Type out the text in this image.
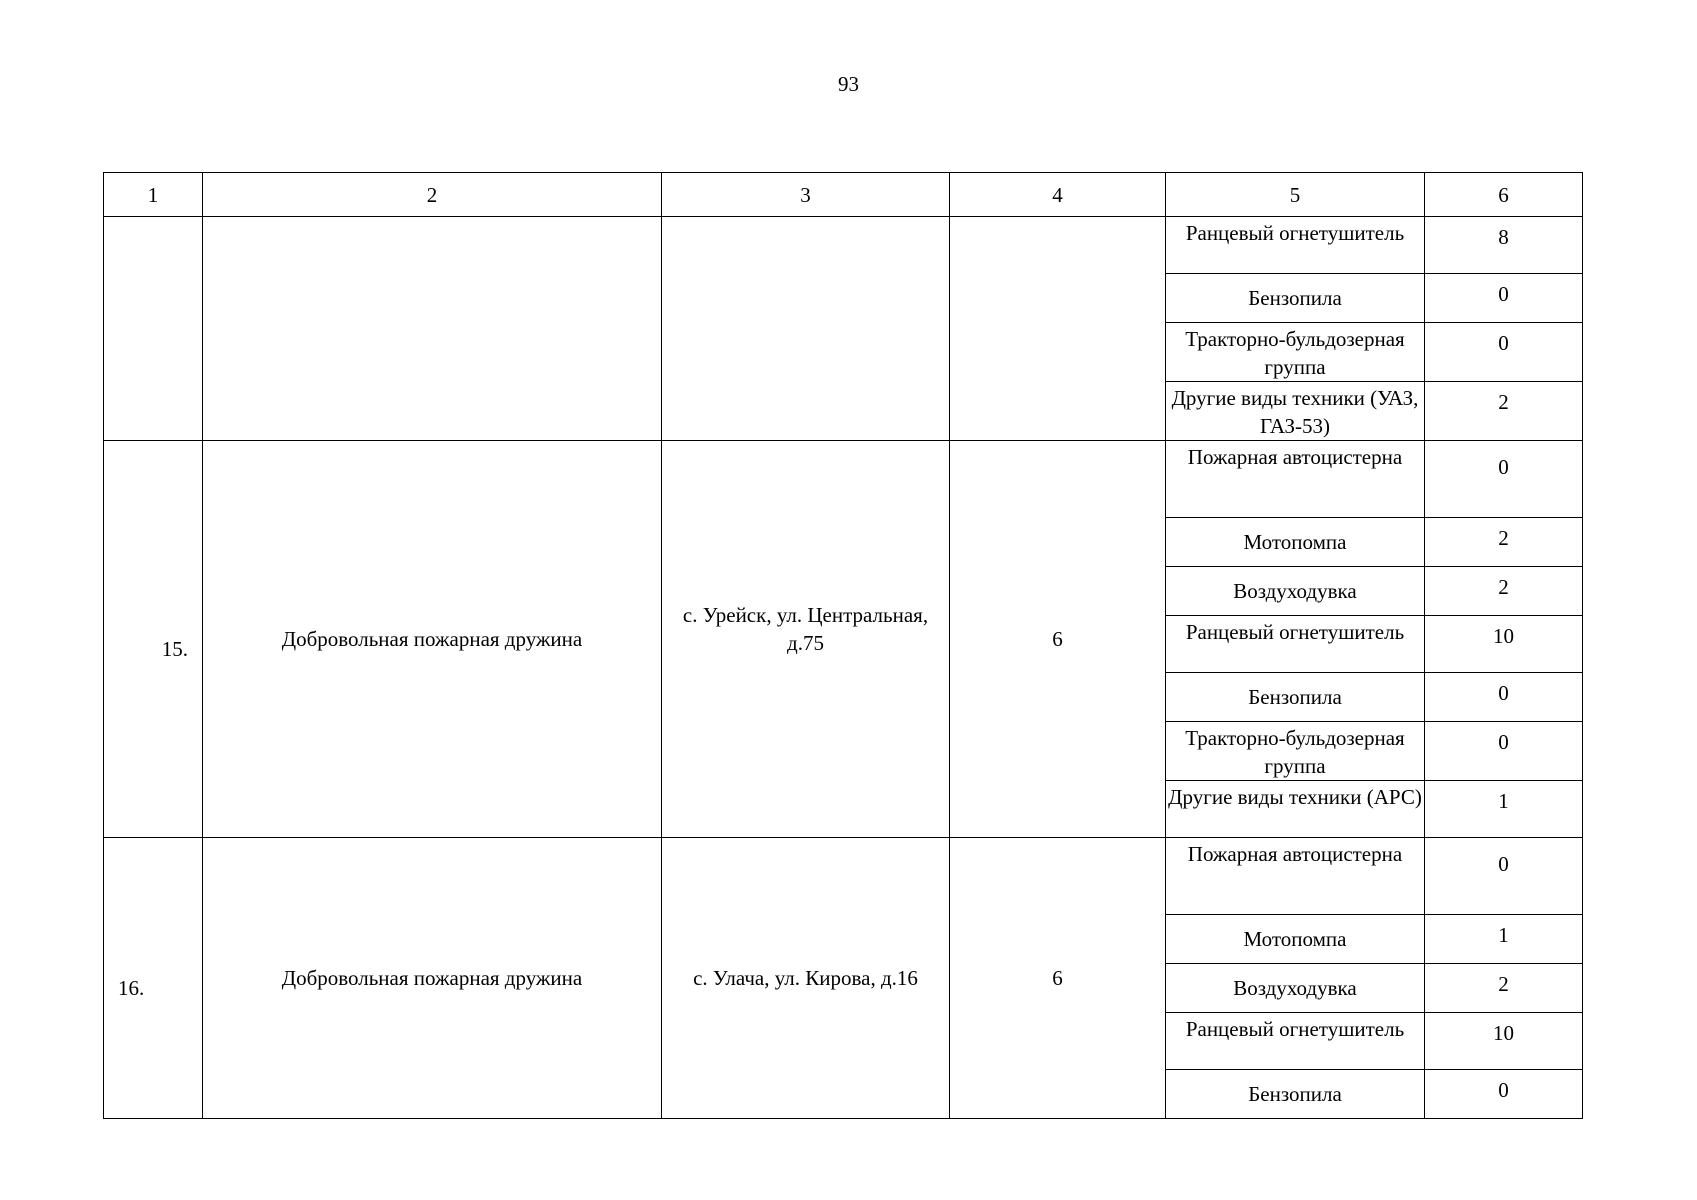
93
1	2	3	4	5	6
				Ранцевый огнетушитель	8
				Бензопила	0
				Тракторно-бульдозерная группа	0
				Другие виды техники (УАЗ, ГАЗ-53)	2
15.	Добровольная пожарная дружина	с. Урейск, ул. Центральная, д.75	6	Пожарная автоцистерна	0
				Мотопомпа	2
				Воздуходувка	2
				Ранцевый огнетушитель	10
				Бензопила	0
				Тракторно-бульдозерная группа	0
				Другие виды техники (АРС)	1
16.	Добровольная пожарная дружина	с. Улача, ул. Кирова, д.16	6	Пожарная автоцистерна	0
				Мотопомпа	1
				Воздуходувка	2
				Ранцевый огнетушитель	10
				Бензопила	0
